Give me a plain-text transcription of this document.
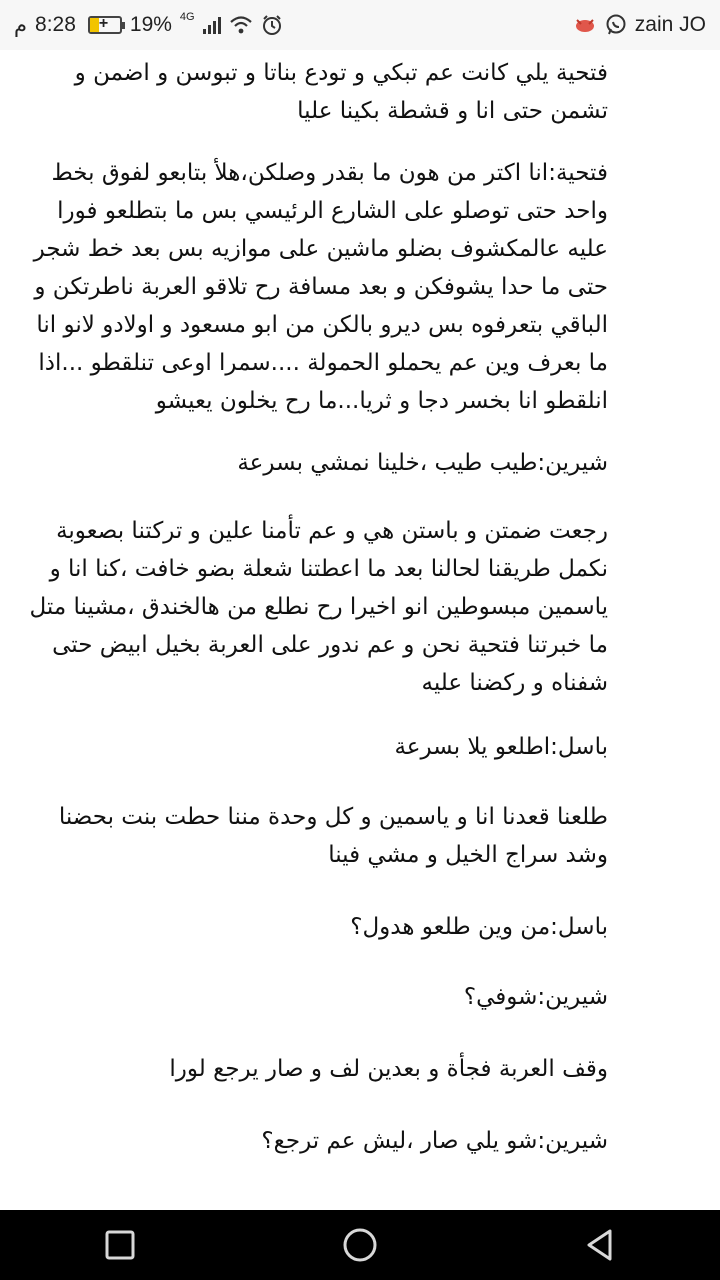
م 8:28 + 19% 4G	zain JO

فتحية يلي كانت عم تبكي و تودع بناتا و تبوسن و اضمن و تشمن حتى انا و قشطة بكينا عليا

فتحية:انا اكتر من هون ما بقدر وصلكن،هلأ بتابعو لفوق بخط واحد حتى توصلو على الشارع الرئيسي بس ما بتطلعو فورا عليه عالمكشوف بضلو ماشين على موازيه بس بعد خط شجر حتى ما حدا يشوفكن و بعد مسافة رح تلاقو العربة ناطرتكن و الباقي بتعرفوه بس ديرو بالكن من ابو مسعود و اولادو لانو انا ما بعرف وين عم يحملو الحمولة ....سمرا اوعى تنلقطو ...اذا انلقطو انا بخسر دجا و ثريا...ما رح يخلون يعيشو

شيرين:طيب طيب ،خلينا نمشي بسرعة

رجعت ضمتن و باستن هي و عم تأمنا علين و تركتنا بصعوبة نكمل طريقنا لحالنا بعد ما اعطتنا شعلة بضو خافت ،كنا انا و ياسمين مبسوطين انو اخيرا رح نطلع من هالخندق ،مشينا متل ما خبرتنا فتحية نحن و عم ندور على العربة بخيل ابيض حتى شفناه و ركضنا عليه

باسل:اطلعو يلا بسرعة

طلعنا قعدنا انا و ياسمين و كل وحدة مننا حطت بنت بحضنا وشد سراج الخيل و مشي فينا

باسل:من وين طلعو هدول؟

شيرين:شوفي؟

وقف العربة فجأة و بعدين لف و صار يرجع لورا

شيرين:شو يلي صار ،ليش عم ترجع؟
